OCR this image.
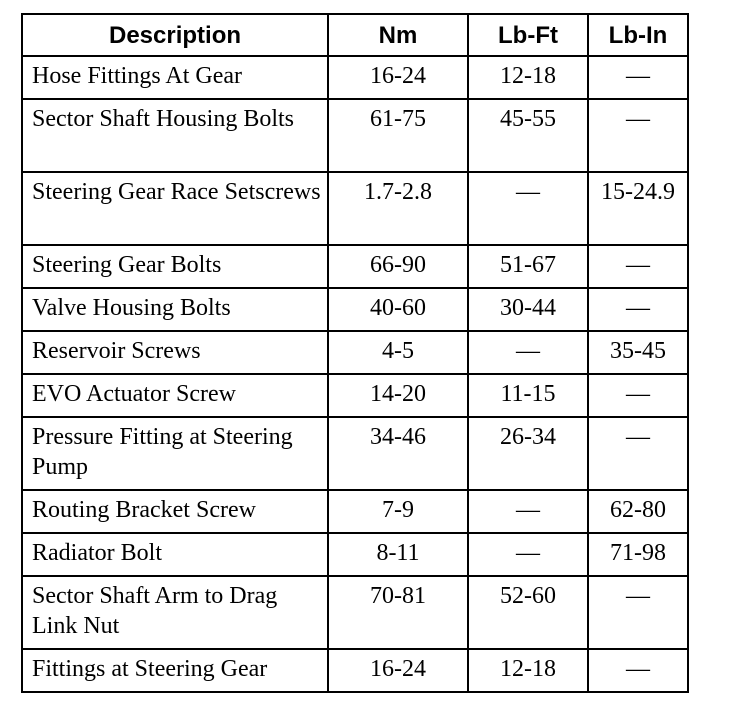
Description	Nm	Lb-Ft	Lb-In
Hose Fittings At Gear	16-24	12-18	—
Sector Shaft Housing Bolts	61-75	45-55	—
Steering Gear Race Setscrews	1.7-2.8	—	15-24.9
Steering Gear Bolts	66-90	51-67	—
Valve Housing Bolts	40-60	30-44	—
Reservoir Screws	4-5	—	35-45
EVO Actuator Screw	14-20	11-15	—
Pressure Fitting at Steering Pump	34-46	26-34	—
Routing Bracket Screw	7-9	—	62-80
Radiator Bolt	8-11	—	71-98
Sector Shaft Arm to Drag Link Nut	70-81	52-60	—
Fittings at Steering Gear	16-24	12-18	—
